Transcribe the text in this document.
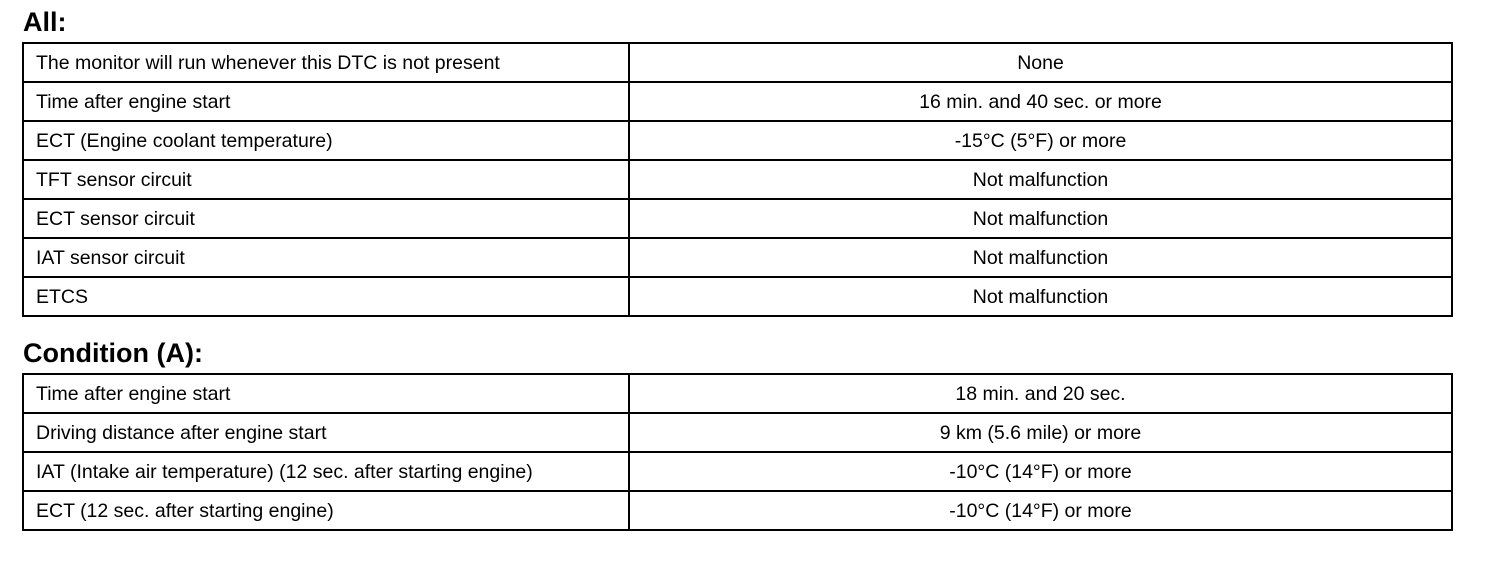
All:
The monitor will run whenever this DTC is not present	None
Time after engine start	16 min. and 40 sec. or more
ECT (Engine coolant temperature)	-15°C (5°F) or more
TFT sensor circuit	Not malfunction
ECT sensor circuit	Not malfunction
IAT sensor circuit	Not malfunction
ETCS	Not malfunction
Condition (A):
Time after engine start	18 min. and 20 sec.
Driving distance after engine start	9 km (5.6 mile) or more
IAT (Intake air temperature) (12 sec. after starting engine)	-10°C (14°F) or more
ECT (12 sec. after starting engine)	-10°C (14°F) or more
